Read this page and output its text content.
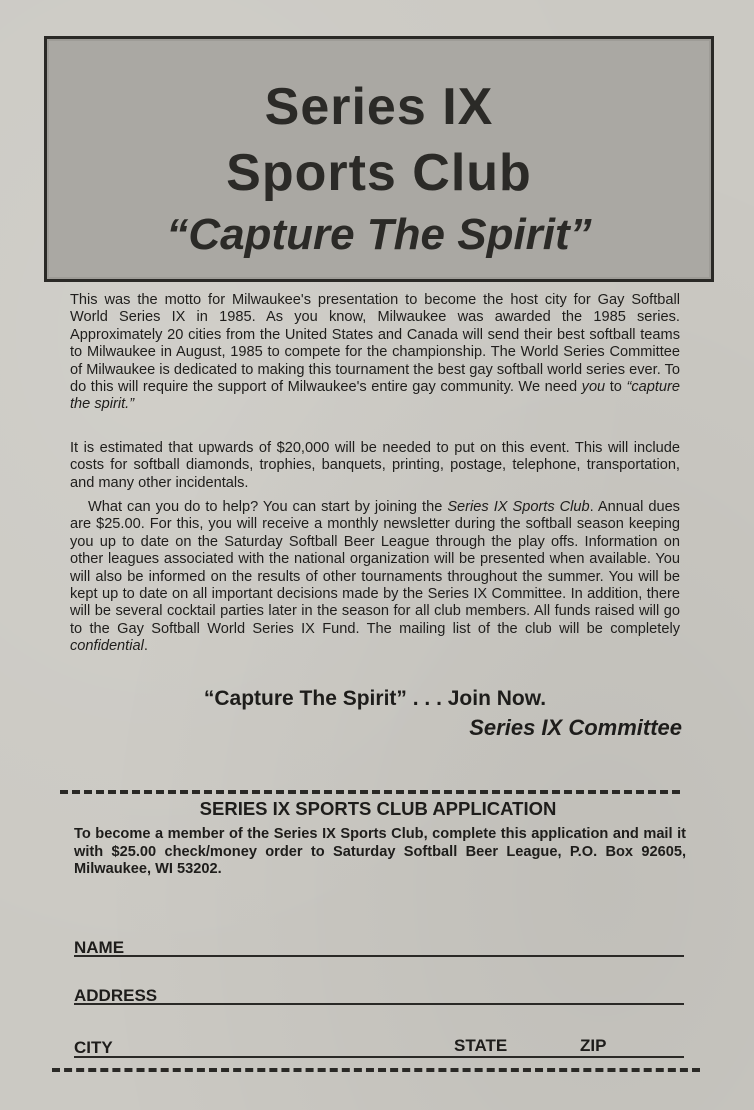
Series IX
Sports Club
“Capture The Spirit”
This was the motto for Milwaukee's presentation to become the host city for Gay Softball World Series IX in 1985. As you know, Milwaukee was awarded the 1985 series. Approximately 20 cities from the United States and Canada will send their best softball teams to Milwaukee in August, 1985 to compete for the championship. The World Series Committee of Milwaukee is dedicated to making this tournament the best gay softball world series ever. To do this will require the support of Milwaukee's entire gay community. We need you to “capture the spirit.”
It is estimated that upwards of $20,000 will be needed to put on this event. This will include costs for softball diamonds, trophies, banquets, printing, postage, telephone, transportation, and many other incidentals.
What can you do to help? You can start by joining the Series IX Sports Club. Annual dues are $25.00. For this, you will receive a monthly newsletter during the softball season keeping you up to date on the Saturday Softball Beer League through the play offs. Information on other leagues associated with the national organization will be presented when available. You will also be informed on the results of other tournaments throughout the summer. You will be kept up to date on all important decisions made by the Series IX Committee. In addition, there will be several cocktail parties later in the season for all club members. All funds raised will go to the Gay Softball World Series IX Fund. The mailing list of the club will be completely confidential.
“Capture The Spirit” . . . Join Now.
Series IX Committee
SERIES IX SPORTS CLUB APPLICATION
To become a member of the Series IX Sports Club, complete this application and mail it with $25.00 check/money order to Saturday Softball Beer League, P.O. Box 92605, Milwaukee, WI 53202.
NAME
ADDRESS
CITY	STATE	ZIP
